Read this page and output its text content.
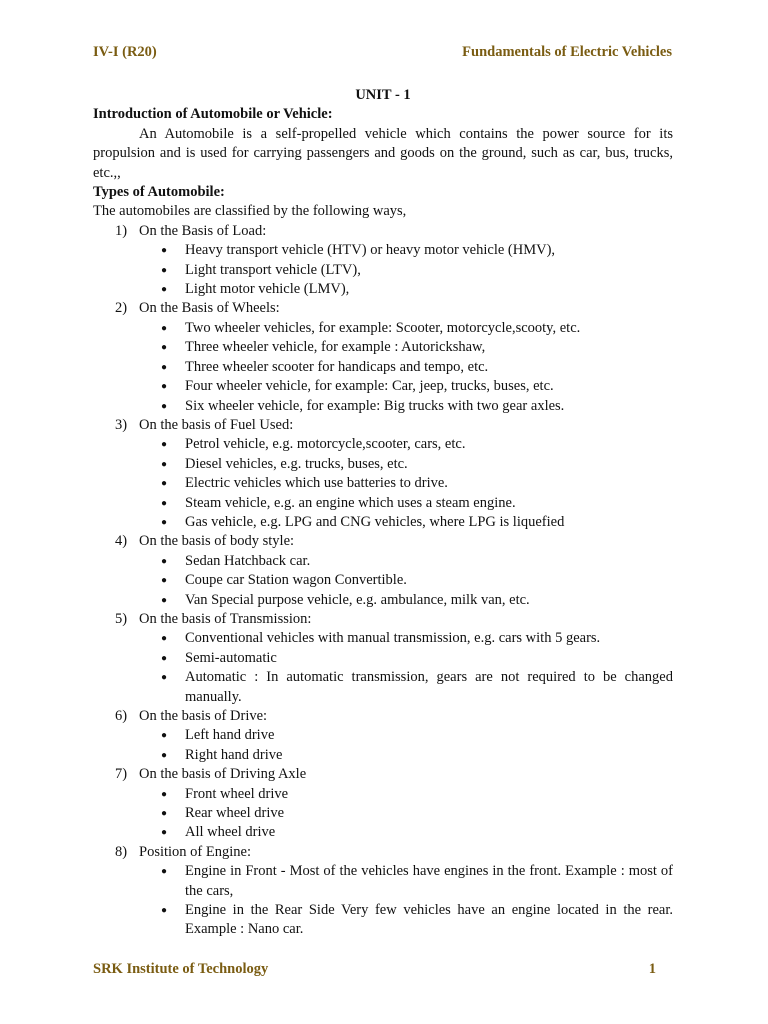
IV-I (R20)	Fundamentals of Electric Vehicles

UNIT - 1

Introduction of Automobile or Vehicle:

An Automobile is a self-propelled vehicle which contains the power source for its propulsion and is used for carrying passengers and goods on the ground, such as car, bus, trucks, etc.,,

Types of Automobile:

The automobiles are classified by the following ways,

1) On the Basis of Load:
● Heavy transport vehicle (HTV) or heavy motor vehicle (HMV),
● Light transport vehicle (LTV),
● Light motor vehicle (LMV),
2) On the Basis of Wheels:
● Two wheeler vehicles, for example: Scooter, motorcycle,scooty, etc.
● Three wheeler vehicle, for example : Autorickshaw,
● Three wheeler scooter for handicaps and tempo, etc.
● Four wheeler vehicle, for example: Car, jeep, trucks, buses, etc.
● Six wheeler vehicle, for example: Big trucks with two gear axles.
3) On the basis of Fuel Used:
● Petrol vehicle, e.g. motorcycle,scooter, cars, etc.
● Diesel vehicles, e.g. trucks, buses, etc.
● Electric vehicles which use batteries to drive.
● Steam vehicle, e.g. an engine which uses a steam engine.
● Gas vehicle, e.g. LPG and CNG vehicles, where LPG is liquefied
4) On the basis of body style:
● Sedan Hatchback car.
● Coupe car Station wagon Convertible.
● Van Special purpose vehicle, e.g. ambulance, milk van, etc.
5) On the basis of Transmission:
● Conventional vehicles with manual transmission, e.g. cars with 5 gears.
● Semi-automatic
● Automatic : In automatic transmission, gears are not required to be changed manually.
6) On the basis of Drive:
● Left hand drive
● Right hand drive
7) On the basis of Driving Axle
● Front wheel drive
● Rear wheel drive
● All wheel drive
8) Position of Engine:
● Engine in Front - Most of the vehicles have engines in the front. Example : most of the cars,
● Engine in the Rear Side Very few vehicles have an engine located in the rear. Example : Nano car.
SRK Institute of Technology	1
